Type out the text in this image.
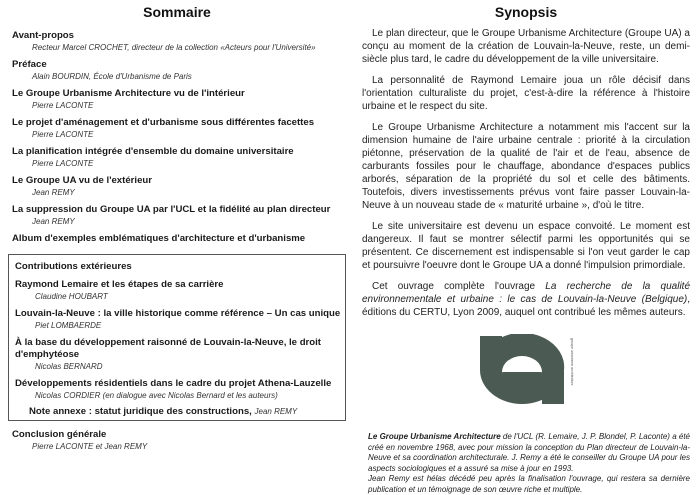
Sommaire
Avant-propos
Recteur Marcel CROCHET, directeur de la collection «Acteurs pour l'Université»
Préface
Alain BOURDIN, École d'Urbanisme de Paris
Le Groupe Urbanisme Architecture vu de l'intérieur
Pierre LACONTE
Le projet d'aménagement et d'urbanisme sous différentes facettes
Pierre LACONTE
La planification intégrée d'ensemble du domaine universitaire
Pierre LACONTE
Le Groupe UA vu de l'extérieur
Jean REMY
La suppression du Groupe UA par l'UCL et la fidélité au plan directeur
Jean REMY
Album d'exemples emblématiques d'architecture et d'urbanisme
Contributions extérieures
Raymond Lemaire et les étapes de sa carrière
Claudine HOUBART
Louvain-la-Neuve : la ville historique comme référence – Un cas unique
Piet LOMBAERDE
À la base du développement raisonné de Louvain-la-Neuve, le droit d'emphytéose
Nicolas BERNARD
Développements résidentiels dans le cadre du projet Athena-Lauzelle
Nicolas CORDIER (en dialogue avec Nicolas Bernard et les auteurs)
Note annexe : statut juridique des constructions, Jean REMY
Conclusion générale
Pierre LACONTE et Jean REMY
Synopsis

Le plan directeur, que le Groupe Urbanisme Architecture (Groupe UA) a conçu au moment de la création de Louvain-la-Neuve, reste, un demi-siècle plus tard, le cadre du développement de la ville universitaire.

La personnalité de Raymond Lemaire joua un rôle décisif dans l'orientation culturaliste du projet, c'est-à-dire la référence à l'histoire urbaine et le respect du site.

Le Groupe Urbanisme Architecture a notamment mis l'accent sur la dimension humaine de l'aire urbaine centrale : priorité à la circulation piétonne, préservation de la qualité de l'air et de l'eau, absence de carburants fossiles pour le chauffage, abondance d'espaces publics arborés, séparation de la propriété du sol et celle des bâtiments. Toutefois, divers investissements prévus vont faire passer Louvain-la-Neuve à un nouveau stade de « maturité urbaine », d'où le titre.

Le site universitaire est devenu un espace convoité. Le moment est dangereux. Il faut se montrer sélectif parmi les opportunités qui se présentent. Ce discernement est indispensable si l'on veut garder le cap et poursuivre l'oeuvre dont le Groupe UA a donné l'impulsion primordiale.

Cet ouvrage complète l'ouvrage La recherche de la qualité environnementale et urbaine : le cas de Louvain-la-Neuve (Belgique), éditions du CERTU, Lyon 2009, auquel ont contribué les mêmes auteurs.

groupe urbanisme architecture
Le Groupe Urbanisme Architecture de l'UCL (R. Lemaire, J. P. Blondel, P. Laconte) a été créé en novembre 1968, avec pour mission la conception du Plan directeur de Louvain-la-Neuve et sa coordination architecturale. J. Remy a été le conseiller du Groupe UA pour les aspects sociologiques et a assuré sa mise à jour en 1993.
Jean Remy est hélas décédé peu après la finalisation l'ouvrage, qui restera sa dernière publication et un témoignage de son œuvre riche et multiple.
